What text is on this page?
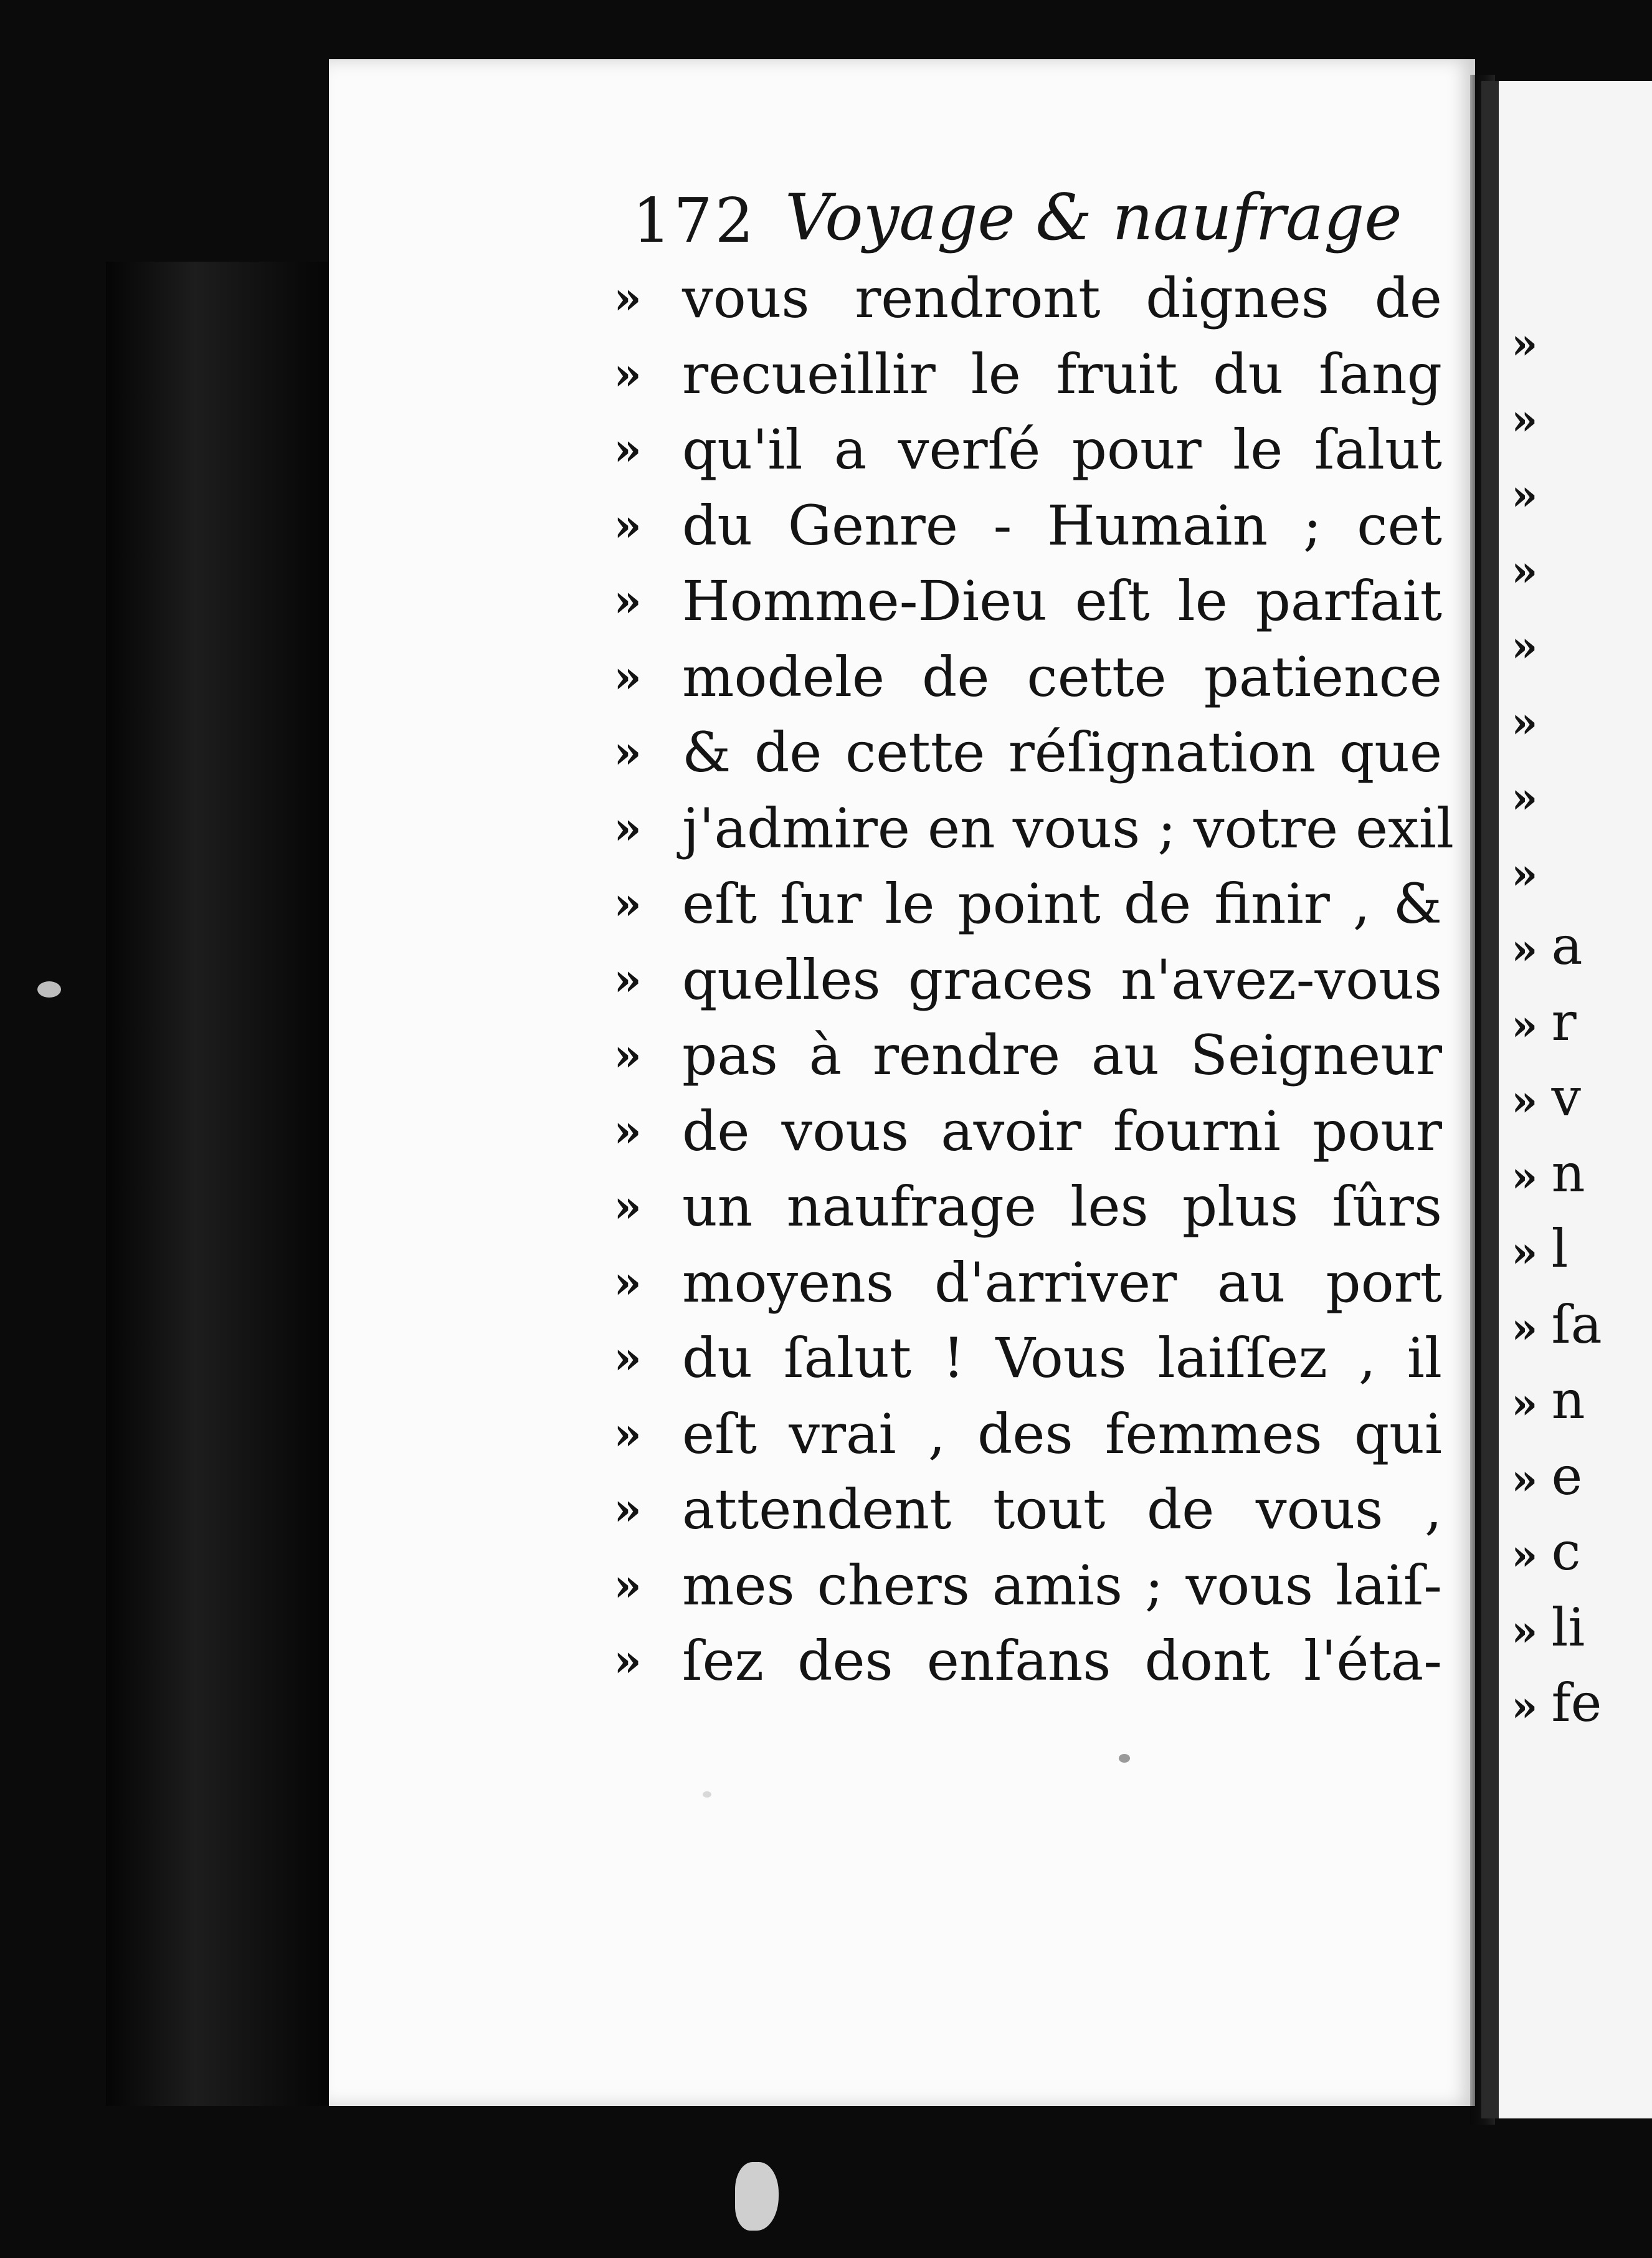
»
»
»
»
»
»
»
»
» a
» r
» v
» n
» l
» ſa
» n
» e
» c
» li
» fe
172 Voyage & naufrage
» vous rendront dignes de
» recueillir le fruit du ſang
» qu'il a verſé pour le ſalut
» du Genre - Humain ; cet
» Homme-Dieu eſt le parfait
» modele de cette patience
» & de cette réſignation que
» j'admire en vous ; votre exil
» eſt ſur le point de finir , &
» quelles graces n'avez-vous
» pas à rendre au Seigneur
» de vous avoir fourni pour
» un naufrage les plus ſûrs
» moyens d'arriver au port
» du ſalut ! Vous laiſſez , il
» eſt vrai , des femmes qui
» attendent tout de vous ,
» mes chers amis ; vous laiſ-
» ſez des enfans dont l'éta-
